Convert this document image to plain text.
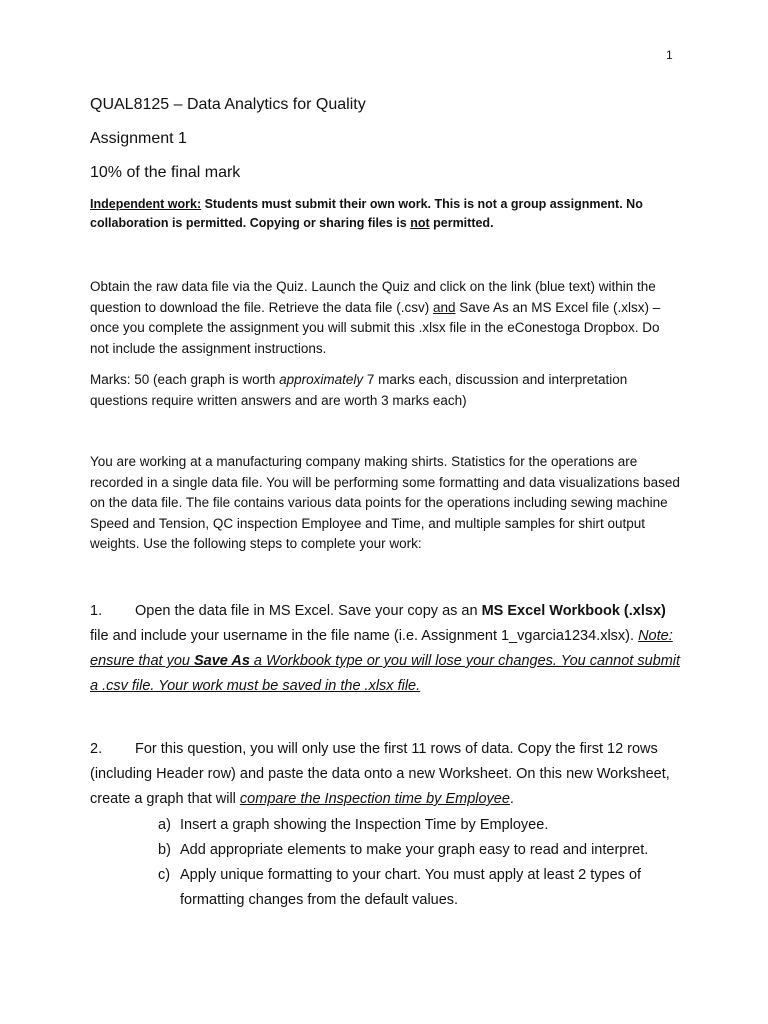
1

QUAL8125 – Data Analytics for Quality

Assignment 1

10% of the final mark

Independent work: Students must submit their own work. This is not a group assignment. No collaboration is permitted. Copying or sharing files is not permitted.

Obtain the raw data file via the Quiz. Launch the Quiz and click on the link (blue text) within the question to download the file. Retrieve the data file (.csv) and Save As an MS Excel file (.xlsx) – once you complete the assignment you will submit this .xlsx file in the eConestoga Dropbox. Do not include the assignment instructions.

Marks: 50 (each graph is worth approximately 7 marks each, discussion and interpretation questions require written answers and are worth 3 marks each)

You are working at a manufacturing company making shirts. Statistics for the operations are recorded in a single data file. You will be performing some formatting and data visualizations based on the data file. The file contains various data points for the operations including sewing machine Speed and Tension, QC inspection Employee and Time, and multiple samples for shirt output weights. Use the following steps to complete your work:

1. Open the data file in MS Excel. Save your copy as an MS Excel Workbook (.xlsx) file and include your username in the file name (i.e. Assignment 1_vgarcia1234.xlsx). Note: ensure that you Save As a Workbook type or you will lose your changes. You cannot submit a .csv file. Your work must be saved in the .xlsx file.

2. For this question, you will only use the first 11 rows of data. Copy the first 12 rows (including Header row) and paste the data onto a new Worksheet. On this new Worksheet, create a graph that will compare the Inspection time by Employee.

a) Insert a graph showing the Inspection Time by Employee.
b) Add appropriate elements to make your graph easy to read and interpret.
c) Apply unique formatting to your chart. You must apply at least 2 types of formatting changes from the default values.
